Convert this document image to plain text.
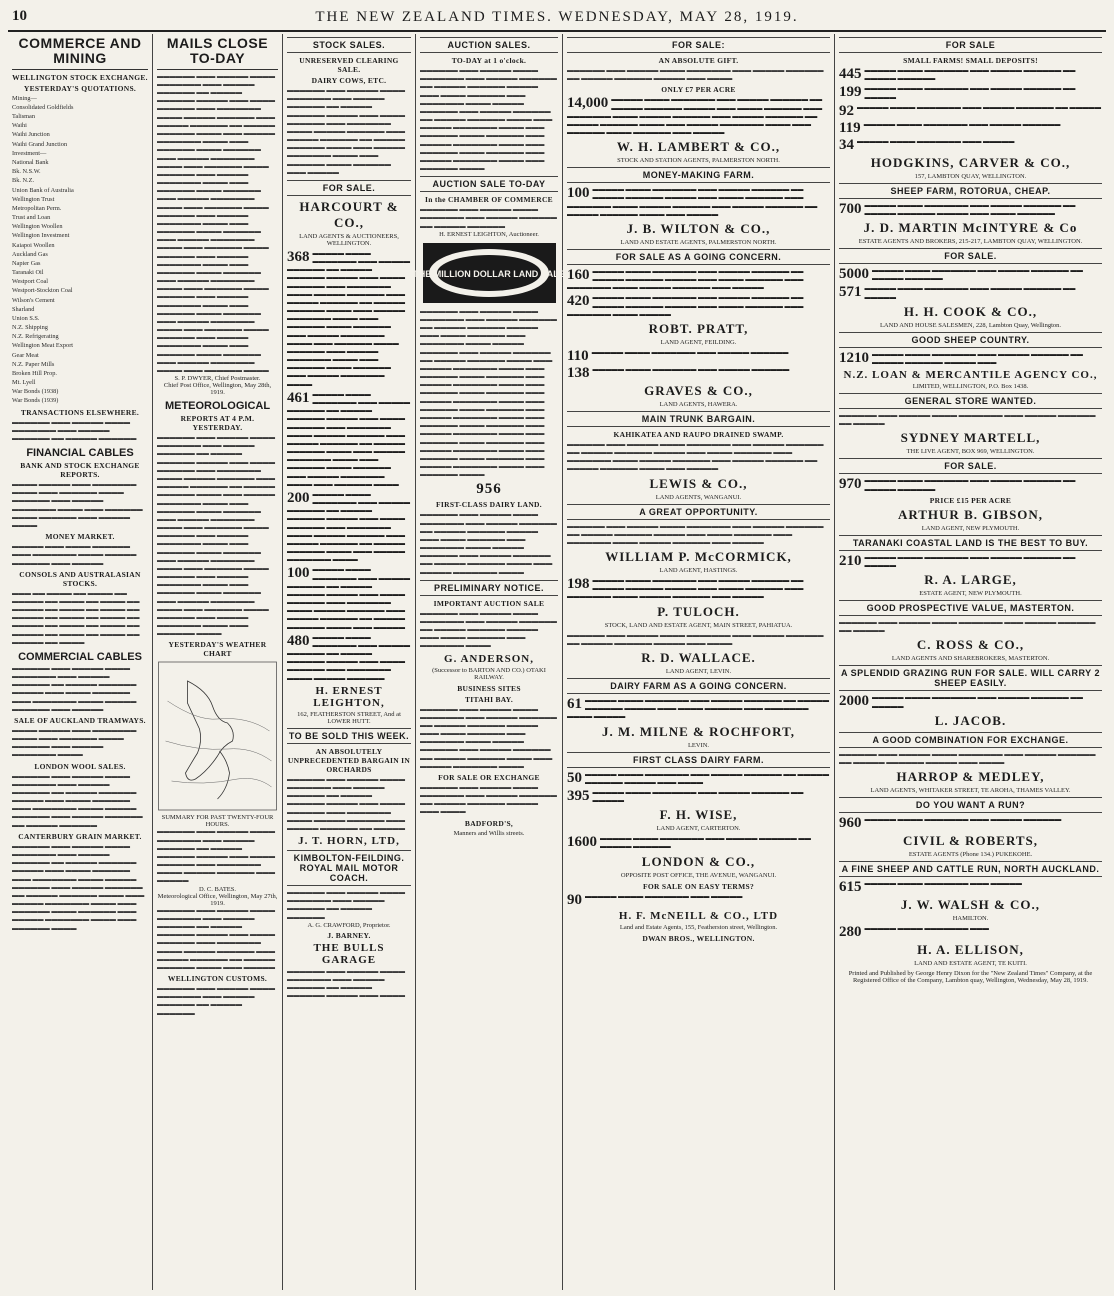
10	THE NEW ZEALAND TIMES. WEDNESDAY, MAY 28, 1919.
COMMERCE AND MINING
WELLINGTON STOCK EXCHANGE.
YESTERDAY'S QUOTATIONS.
Mining—
Consolidated Goldfields
Talisman
Waihi
Waihi Junction
Waihi Grand Junction
Investment—
National Bank
Bk. N.S.W.
Bk. N.Z.
Union Bank of Australia
Wellington Trust
Metropolitan Perm.
Trust and Loan
Wellington Woollen
Wellington Investment
Kaiapoi Woollen
Auckland Gas
Napier Gas
Taranaki Oil
Westport Coal
Westport-Stockton Coal
Wilson's Cement
Sharland
Union S.S.
N.Z. Shipping
N.Z. Refrigerating
Wellington Meat Export
Gear Meat
N.Z. Paper Mills
Broken Hill Prop.
Mt. Lyell
War Bonds (1938)
War Bonds (1939)
TRANSACTIONS ELSEWHERE.
▬▬▬▬▬▬ ▬▬▬ ▬▬▬▬▬ ▬▬▬▬ ▬▬▬▬▬▬▬ ▬▬▬ ▬▬▬▬▬ ▬▬▬▬▬▬ ▬▬ ▬▬▬▬▬ ▬▬▬▬▬▬
FINANCIAL CABLES
BANK AND STOCK EXCHANGE REPORTS.
▬▬▬▬ ▬▬▬▬▬ ▬▬▬ ▬▬▬▬▬▬▬ ▬▬▬▬ ▬▬▬ ▬▬▬▬▬▬ ▬▬▬▬ ▬▬▬▬▬▬ ▬▬▬ ▬▬▬▬▬ ▬▬▬▬▬▬▬ ▬▬▬▬ ▬▬▬ ▬▬▬▬▬▬ ▬▬▬▬ ▬▬▬▬▬▬ ▬▬▬ ▬▬▬▬▬ ▬▬▬▬
MONEY MARKET.
▬▬▬▬▬ ▬▬▬ ▬▬▬▬ ▬▬▬▬▬▬ ▬▬▬ ▬▬▬▬▬▬▬ ▬▬▬▬ ▬▬▬▬▬ ▬▬▬▬▬▬ ▬▬▬ ▬▬▬▬▬
CONSOLS AND AUSTRALASIAN STOCKS.
▬▬▬ ▬▬ ▬▬▬▬ ▬▬ ▬▬▬▬ ▬▬ ▬▬▬▬▬ ▬▬ ▬▬▬▬ ▬▬ ▬▬▬▬ ▬▬ ▬▬▬▬▬ ▬▬ ▬▬▬▬ ▬▬ ▬▬▬▬ ▬▬ ▬▬▬▬▬ ▬▬ ▬▬▬▬ ▬▬ ▬▬▬▬ ▬▬ ▬▬▬▬▬ ▬▬ ▬▬▬▬ ▬▬ ▬▬▬▬ ▬▬ ▬▬▬▬▬ ▬▬ ▬▬▬▬ ▬▬ ▬▬▬▬ ▬▬ ▬▬▬▬▬ ▬▬ ▬▬▬▬
COMMERCIAL CABLES
▬▬▬▬▬▬ ▬▬▬ ▬▬▬▬▬ ▬▬▬▬ ▬▬▬▬▬▬▬ ▬▬▬ ▬▬▬▬▬ ▬▬▬▬▬▬ ▬▬ ▬▬▬▬▬ ▬▬▬▬▬▬ ▬▬▬▬▬ ▬▬▬ ▬▬▬▬ ▬▬▬▬▬▬ ▬▬▬ ▬▬▬▬▬▬▬ ▬▬▬▬ ▬▬▬▬▬ ▬▬▬▬▬▬ ▬▬▬ ▬▬▬▬▬
SALE OF AUCKLAND TRAMWAYS.
▬▬▬▬ ▬▬▬▬▬ ▬▬▬ ▬▬▬▬▬▬▬ ▬▬▬▬ ▬▬▬ ▬▬▬▬▬▬ ▬▬▬▬ ▬▬▬▬▬▬ ▬▬▬ ▬▬▬▬▬ ▬▬▬▬▬▬▬ ▬▬▬▬
LONDON WOOL SALES.
▬▬▬▬▬▬ ▬▬▬ ▬▬▬▬▬ ▬▬▬▬ ▬▬▬▬▬▬▬ ▬▬▬ ▬▬▬▬▬ ▬▬▬▬▬▬ ▬▬ ▬▬▬▬▬ ▬▬▬▬▬▬ ▬▬▬▬▬ ▬▬▬ ▬▬▬▬ ▬▬▬▬▬▬ ▬▬▬ ▬▬▬▬▬▬▬ ▬▬▬▬ ▬▬▬▬▬ ▬▬▬▬▬▬ ▬▬▬ ▬▬▬▬▬ ▬▬▬▬▬▬ ▬▬ ▬▬▬▬▬ ▬▬▬▬▬▬
CANTERBURY GRAIN MARKET.
▬▬▬▬▬▬ ▬▬▬ ▬▬▬▬▬ ▬▬▬▬ ▬▬▬▬▬▬▬ ▬▬▬ ▬▬▬▬▬ ▬▬▬▬▬▬ ▬▬ ▬▬▬▬▬ ▬▬▬▬▬▬ ▬▬▬▬▬ ▬▬▬ ▬▬▬▬ ▬▬▬▬▬▬ ▬▬▬ ▬▬▬▬▬▬▬ ▬▬▬▬ ▬▬▬▬▬ ▬▬▬▬▬▬ ▬▬▬ ▬▬▬▬▬ ▬▬▬▬▬▬ ▬▬ ▬▬▬▬▬ ▬▬▬▬▬▬ ▬▬▬▬ ▬▬▬ ▬▬▬▬▬ ▬▬▬▬▬▬▬ ▬▬▬▬ ▬▬▬ ▬▬▬▬▬▬ ▬▬▬▬ ▬▬▬▬▬▬ ▬▬▬ ▬▬▬▬▬ ▬▬▬▬▬▬▬ ▬▬▬▬ ▬▬▬ ▬▬▬▬▬▬ ▬▬▬▬
MAILS CLOSE TO-DAY
▬▬▬▬▬▬ ▬▬▬ ▬▬▬▬▬ ▬▬▬▬ ▬▬▬▬▬▬▬ ▬▬▬ ▬▬▬▬▬ ▬▬▬▬▬▬ ▬▬ ▬▬▬▬▬ ▬▬▬▬▬▬ ▬▬▬▬▬ ▬▬▬ ▬▬▬▬ ▬▬▬▬▬▬ ▬▬▬ ▬▬▬▬▬▬▬ ▬▬▬▬ ▬▬▬▬▬ ▬▬▬▬▬▬ ▬▬▬ ▬▬▬▬▬ ▬▬▬▬▬▬ ▬▬ ▬▬▬▬▬ ▬▬▬▬▬▬ ▬▬▬▬ ▬▬▬ ▬▬▬▬▬ ▬▬▬▬▬▬▬ ▬▬▬▬ ▬▬▬ ▬▬▬▬▬▬ ▬▬▬▬ ▬▬▬▬▬▬ ▬▬▬ ▬▬▬▬▬ ▬▬▬▬▬▬▬ ▬▬▬▬ ▬▬▬ ▬▬▬▬▬▬ ▬▬▬▬ ▬▬▬▬▬▬ ▬▬▬ ▬▬▬▬▬ ▬▬▬▬▬▬▬ ▬▬▬▬ ▬▬▬ ▬▬▬▬▬▬ ▬▬▬▬ ▬▬▬▬▬▬ ▬▬▬ ▬▬▬▬▬ ▬▬▬▬▬▬▬ ▬▬▬▬ ▬▬▬ ▬▬▬▬▬▬ ▬▬▬▬ ▬▬▬▬▬▬ ▬▬▬ ▬▬▬▬▬ ▬▬▬▬▬▬▬ ▬▬▬▬ ▬▬▬ ▬▬▬▬▬▬ ▬▬▬▬ ▬▬▬▬▬▬ ▬▬▬ ▬▬▬▬▬ ▬▬▬▬▬▬▬ ▬▬▬▬ ▬▬▬ ▬▬▬▬▬▬ ▬▬▬▬ ▬▬▬▬▬▬ ▬▬▬ ▬▬▬▬▬ ▬▬▬▬▬▬▬ ▬▬▬▬ ▬▬▬ ▬▬▬▬▬▬ ▬▬▬▬ ▬▬▬▬▬▬ ▬▬▬ ▬▬▬▬▬ ▬▬▬▬▬▬▬ ▬▬▬▬ ▬▬▬ ▬▬▬▬▬▬ ▬▬▬▬ ▬▬▬▬▬▬ ▬▬▬ ▬▬▬▬▬ ▬▬▬▬▬▬▬ ▬▬▬▬ ▬▬▬ ▬▬▬▬▬▬ ▬▬▬▬ ▬▬▬▬▬▬ ▬▬▬ ▬▬▬▬▬ ▬▬▬▬▬▬▬ ▬▬▬▬ ▬▬▬ ▬▬▬▬▬▬ ▬▬▬▬ ▬▬▬▬▬▬ ▬▬▬ ▬▬▬▬▬ ▬▬▬▬▬▬▬ ▬▬▬▬ ▬▬▬ ▬▬▬▬▬▬ ▬▬▬▬ ▬▬▬▬▬▬ ▬▬▬ ▬▬▬▬▬ ▬▬▬▬▬▬▬ ▬▬▬▬ ▬▬▬ ▬▬▬▬▬▬ ▬▬▬▬
S. P. DWYER, Chief Postmaster.
Chief Post Office, Wellington, May 28th, 1919.
METEOROLOGICAL
REPORTS AT 4 P.M. YESTERDAY.
▬▬▬▬▬▬ ▬▬▬ ▬▬▬▬▬ ▬▬▬▬ ▬▬▬▬▬▬▬ ▬▬▬ ▬▬▬▬▬ ▬▬▬▬▬▬ ▬▬ ▬▬▬▬▬ ▬▬▬▬▬▬ ▬▬▬▬▬ ▬▬▬ ▬▬▬▬ ▬▬▬▬▬▬ ▬▬▬ ▬▬▬▬▬▬▬ ▬▬▬▬ ▬▬▬▬▬ ▬▬▬▬▬▬ ▬▬▬ ▬▬▬▬▬ ▬▬▬▬▬▬ ▬▬ ▬▬▬▬▬ ▬▬▬▬▬▬ ▬▬▬▬ ▬▬▬ ▬▬▬▬▬ ▬▬▬▬▬▬▬ ▬▬▬▬ ▬▬▬ ▬▬▬▬▬▬ ▬▬▬▬ ▬▬▬▬▬▬ ▬▬▬ ▬▬▬▬▬ ▬▬▬▬▬▬▬ ▬▬▬▬ ▬▬▬ ▬▬▬▬▬▬ ▬▬▬▬ ▬▬▬▬▬▬ ▬▬▬ ▬▬▬▬▬ ▬▬▬▬▬▬▬ ▬▬▬▬ ▬▬▬ ▬▬▬▬▬▬ ▬▬▬▬ ▬▬▬▬▬▬ ▬▬▬ ▬▬▬▬▬ ▬▬▬▬▬▬▬ ▬▬▬▬ ▬▬▬ ▬▬▬▬▬▬ ▬▬▬▬ ▬▬▬▬▬▬ ▬▬▬ ▬▬▬▬▬ ▬▬▬▬▬▬▬ ▬▬▬▬ ▬▬▬ ▬▬▬▬▬▬ ▬▬▬▬ ▬▬▬▬▬▬ ▬▬▬ ▬▬▬▬▬ ▬▬▬▬▬▬▬ ▬▬▬▬ ▬▬▬ ▬▬▬▬▬▬ ▬▬▬▬ ▬▬▬▬▬▬ ▬▬▬ ▬▬▬▬▬ ▬▬▬▬▬▬▬ ▬▬▬▬ ▬▬▬ ▬▬▬▬▬▬ ▬▬▬▬
YESTERDAY'S WEATHER CHART
SUMMARY FOR PAST TWENTY-FOUR HOURS.
▬▬▬▬▬▬ ▬▬▬ ▬▬▬▬▬ ▬▬▬▬ ▬▬▬▬▬▬▬ ▬▬▬ ▬▬▬▬▬ ▬▬▬▬▬▬ ▬▬ ▬▬▬▬▬ ▬▬▬▬▬▬ ▬▬▬▬▬ ▬▬▬ ▬▬▬▬ ▬▬▬▬▬▬ ▬▬▬ ▬▬▬▬▬▬▬ ▬▬▬▬ ▬▬▬▬▬ ▬▬▬▬▬▬ ▬▬▬ ▬▬▬▬▬
D. C. BATES.
Meteorological Office, Wellington, May 27th, 1919.
▬▬▬▬▬▬ ▬▬▬ ▬▬▬▬▬ ▬▬▬▬ ▬▬▬▬▬▬▬ ▬▬▬ ▬▬▬▬▬ ▬▬▬▬▬▬ ▬▬ ▬▬▬▬▬ ▬▬▬▬▬▬ ▬▬▬▬▬ ▬▬▬ ▬▬▬▬ ▬▬▬▬▬▬ ▬▬▬ ▬▬▬▬▬▬▬ ▬▬▬▬ ▬▬▬▬▬ ▬▬▬▬▬▬ ▬▬▬ ▬▬▬▬▬ ▬▬▬▬▬▬ ▬▬ ▬▬▬▬▬ ▬▬▬▬▬▬ ▬▬▬▬ ▬▬▬ ▬▬▬▬▬
WELLINGTON CUSTOMS.
▬▬▬▬▬▬ ▬▬▬ ▬▬▬▬▬ ▬▬▬▬ ▬▬▬▬▬▬▬ ▬▬▬ ▬▬▬▬▬ ▬▬▬▬▬▬ ▬▬ ▬▬▬▬▬ ▬▬▬▬▬▬
STOCK SALES.
UNRESERVED CLEARING SALE.
DAIRY COWS, ETC.
▬▬▬▬▬▬ ▬▬▬ ▬▬▬▬▬ ▬▬▬▬ ▬▬▬▬▬▬▬ ▬▬▬ ▬▬▬▬▬ ▬▬▬▬▬▬ ▬▬ ▬▬▬▬▬ ▬▬▬▬▬▬ ▬▬▬▬▬ ▬▬▬ ▬▬▬▬ ▬▬▬▬▬▬ ▬▬▬ ▬▬▬▬▬▬▬ ▬▬▬▬ ▬▬▬▬▬ ▬▬▬▬▬▬ ▬▬▬ ▬▬▬▬▬ ▬▬▬▬▬▬ ▬▬ ▬▬▬▬▬ ▬▬▬▬▬▬ ▬▬▬▬ ▬▬▬ ▬▬▬▬▬ ▬▬▬▬▬▬▬ ▬▬▬▬ ▬▬▬ ▬▬▬▬▬▬ ▬▬▬▬ ▬▬▬▬▬▬ ▬▬▬ ▬▬▬▬▬
FOR SALE.
HARCOURT & CO.,
LAND AGENTS & AUCTIONEERS, WELLINGTON.
368 ▬▬▬▬▬ ▬▬▬▬ ▬▬▬▬▬▬▬ ▬▬▬ ▬▬▬▬▬ ▬▬▬▬▬▬ ▬▬ ▬▬▬▬▬ ▬▬▬▬▬▬ ▬▬▬▬▬ ▬▬▬ ▬▬▬▬ ▬▬▬▬▬▬ ▬▬▬ ▬▬▬▬▬▬▬ ▬▬▬▬ ▬▬▬▬▬ ▬▬▬▬▬▬ ▬▬▬ ▬▬▬▬▬ ▬▬▬▬▬▬ ▬▬ ▬▬▬▬▬ ▬▬▬▬▬▬ ▬▬▬▬ ▬▬▬ ▬▬▬▬▬ ▬▬▬▬▬▬▬ ▬▬▬▬ ▬▬▬ ▬▬▬▬▬▬ ▬▬▬▬ ▬▬▬▬▬▬ ▬▬▬ ▬▬▬▬▬ ▬▬▬▬▬▬▬ ▬▬▬▬ ▬▬▬ ▬▬▬▬▬▬ ▬▬▬▬ ▬▬▬▬▬▬ ▬▬▬ ▬▬▬▬▬ ▬▬▬▬▬▬▬ ▬▬▬▬ ▬▬▬ ▬▬▬▬▬▬ ▬▬▬▬ ▬▬▬▬▬▬ ▬▬▬ ▬▬▬▬▬ ▬▬▬▬▬▬▬ ▬▬▬▬
461 ▬▬▬▬▬ ▬▬▬▬ ▬▬▬▬▬▬▬ ▬▬▬ ▬▬▬▬▬ ▬▬▬▬▬▬ ▬▬ ▬▬▬▬▬ ▬▬▬▬▬▬ ▬▬▬▬▬ ▬▬▬ ▬▬▬▬ ▬▬▬▬▬▬ ▬▬▬ ▬▬▬▬▬▬▬ ▬▬▬▬ ▬▬▬▬▬ ▬▬▬▬▬▬ ▬▬▬ ▬▬▬▬▬ ▬▬▬▬▬▬ ▬▬ ▬▬▬▬▬ ▬▬▬▬▬▬ ▬▬▬▬ ▬▬▬ ▬▬▬▬▬ ▬▬▬▬▬▬▬ ▬▬▬▬ ▬▬▬ ▬▬▬▬▬▬ ▬▬▬▬ ▬▬▬▬▬▬ ▬▬▬ ▬▬▬▬▬ ▬▬▬▬▬▬▬ ▬▬▬▬ ▬▬▬ ▬▬▬▬▬▬ ▬▬▬▬
200 ▬▬▬▬▬ ▬▬▬▬ ▬▬▬▬▬▬▬ ▬▬▬ ▬▬▬▬▬ ▬▬▬▬▬▬ ▬▬ ▬▬▬▬▬ ▬▬▬▬▬▬ ▬▬▬▬▬ ▬▬▬ ▬▬▬▬ ▬▬▬▬▬▬ ▬▬▬ ▬▬▬▬▬▬▬ ▬▬▬▬ ▬▬▬▬▬ ▬▬▬▬▬▬ ▬▬▬ ▬▬▬▬▬ ▬▬▬▬▬▬ ▬▬ ▬▬▬▬▬ ▬▬▬▬▬▬ ▬▬▬▬ ▬▬▬ ▬▬▬▬▬ ▬▬▬▬▬▬▬ ▬▬▬▬
100 ▬▬▬▬▬ ▬▬▬▬ ▬▬▬▬▬▬▬ ▬▬▬ ▬▬▬▬▬ ▬▬▬▬▬▬ ▬▬ ▬▬▬▬▬ ▬▬▬▬▬▬ ▬▬▬▬▬ ▬▬▬ ▬▬▬▬ ▬▬▬▬▬▬ ▬▬▬ ▬▬▬▬▬▬▬ ▬▬▬▬ ▬▬▬▬▬ ▬▬▬▬▬▬ ▬▬▬ ▬▬▬▬▬ ▬▬▬▬▬▬ ▬▬ ▬▬▬▬▬ ▬▬▬▬▬▬ ▬▬▬▬ ▬▬▬ ▬▬▬▬▬
480 ▬▬▬▬▬ ▬▬▬▬ ▬▬▬▬▬▬▬ ▬▬▬ ▬▬▬▬▬ ▬▬▬▬▬▬ ▬▬ ▬▬▬▬▬ ▬▬▬▬▬▬ ▬▬▬▬▬ ▬▬▬ ▬▬▬▬ ▬▬▬▬▬▬ ▬▬▬ ▬▬▬▬▬▬▬ ▬▬▬▬ ▬▬▬▬▬ ▬▬▬▬▬▬
H. ERNEST LEIGHTON,
162, FEATHERSTON STREET, And at LOWER HUTT.
TO BE SOLD THIS WEEK.
AN ABSOLUTELY UNPRECEDENTED BARGAIN IN ORCHARDS
▬▬▬▬▬▬ ▬▬▬ ▬▬▬▬▬ ▬▬▬▬ ▬▬▬▬▬▬▬ ▬▬▬ ▬▬▬▬▬ ▬▬▬▬▬▬ ▬▬ ▬▬▬▬▬ ▬▬▬▬▬▬ ▬▬▬▬▬ ▬▬▬ ▬▬▬▬ ▬▬▬▬▬▬ ▬▬▬ ▬▬▬▬▬▬▬ ▬▬▬▬ ▬▬▬▬▬ ▬▬▬▬▬▬ ▬▬▬ ▬▬▬▬▬ ▬▬▬▬▬▬ ▬▬ ▬▬▬▬▬
J. T. HORN, LTD,
KIMBOLTON-FEILDING. ROYAL MAIL MOTOR COACH.
▬▬▬▬▬▬ ▬▬▬ ▬▬▬▬▬ ▬▬▬▬ ▬▬▬▬▬▬▬ ▬▬▬ ▬▬▬▬▬ ▬▬▬▬▬▬ ▬▬ ▬▬▬▬▬ ▬▬▬▬▬▬
A. G. CRAWFORD, Proprietor.
J. BARNEY.
THE BULLS GARAGE
▬▬▬▬▬▬ ▬▬▬ ▬▬▬▬▬ ▬▬▬▬ ▬▬▬▬▬▬▬ ▬▬▬ ▬▬▬▬▬ ▬▬▬▬▬▬ ▬▬ ▬▬▬▬▬ ▬▬▬▬▬▬ ▬▬▬▬▬ ▬▬▬ ▬▬▬▬
AUCTION SALES.
TO-DAY at 1 o'clock.
▬▬▬▬▬▬ ▬▬▬ ▬▬▬▬▬ ▬▬▬▬ ▬▬▬▬▬▬▬ ▬▬▬ ▬▬▬▬▬ ▬▬▬▬▬▬ ▬▬ ▬▬▬▬▬ ▬▬▬▬▬▬ ▬▬▬▬▬ ▬▬▬ ▬▬▬▬ ▬▬▬▬▬▬ ▬▬▬ ▬▬▬▬▬▬▬ ▬▬▬▬ ▬▬▬▬▬ ▬▬▬▬▬▬ ▬▬▬ ▬▬▬▬▬ ▬▬▬▬▬▬ ▬▬ ▬▬▬▬▬ ▬▬▬▬▬▬ ▬▬▬▬ ▬▬▬ ▬▬▬▬▬ ▬▬▬▬▬▬▬ ▬▬▬▬ ▬▬▬ ▬▬▬▬▬▬ ▬▬▬▬ ▬▬▬▬▬▬ ▬▬▬ ▬▬▬▬▬ ▬▬▬▬▬▬▬ ▬▬▬▬ ▬▬▬ ▬▬▬▬▬▬ ▬▬▬▬ ▬▬▬▬▬▬ ▬▬▬ ▬▬▬▬▬ ▬▬▬▬▬▬▬ ▬▬▬▬ ▬▬▬ ▬▬▬▬▬▬ ▬▬▬▬
AUCTION SALE TO-DAY
In the CHAMBER OF COMMERCE
▬▬▬▬▬▬ ▬▬▬ ▬▬▬▬▬ ▬▬▬▬ ▬▬▬▬▬▬▬ ▬▬▬ ▬▬▬▬▬ ▬▬▬▬▬▬ ▬▬ ▬▬▬▬▬ ▬▬▬▬▬▬
H. ERNEST LEIGHTON, Auctioneer.
THE MILLION DOLLAR LAND SALE
▬▬▬▬▬▬ ▬▬▬ ▬▬▬▬▬ ▬▬▬▬ ▬▬▬▬▬▬▬ ▬▬▬ ▬▬▬▬▬ ▬▬▬▬▬▬ ▬▬ ▬▬▬▬▬ ▬▬▬▬▬▬ ▬▬▬▬▬ ▬▬▬ ▬▬▬▬ ▬▬▬▬▬▬ ▬▬▬ ▬▬▬▬▬▬▬ ▬▬▬▬ ▬▬▬▬▬ ▬▬▬▬▬▬ ▬▬▬ ▬▬▬▬▬ ▬▬▬▬▬▬ ▬▬ ▬▬▬▬▬ ▬▬▬▬▬▬ ▬▬▬▬ ▬▬▬ ▬▬▬▬▬ ▬▬▬▬▬▬▬ ▬▬▬▬ ▬▬▬ ▬▬▬▬▬▬ ▬▬▬▬ ▬▬▬▬▬▬ ▬▬▬ ▬▬▬▬▬ ▬▬▬▬▬▬▬ ▬▬▬▬ ▬▬▬ ▬▬▬▬▬▬ ▬▬▬▬ ▬▬▬▬▬▬ ▬▬▬ ▬▬▬▬▬ ▬▬▬▬▬▬▬ ▬▬▬▬ ▬▬▬ ▬▬▬▬▬▬ ▬▬▬▬ ▬▬▬▬▬▬ ▬▬▬ ▬▬▬▬▬ ▬▬▬▬▬▬▬ ▬▬▬▬ ▬▬▬ ▬▬▬▬▬▬ ▬▬▬▬ ▬▬▬▬▬▬ ▬▬▬ ▬▬▬▬▬ ▬▬▬▬▬▬▬ ▬▬▬▬ ▬▬▬ ▬▬▬▬▬▬ ▬▬▬▬ ▬▬▬▬▬▬ ▬▬▬ ▬▬▬▬▬ ▬▬▬▬▬▬▬ ▬▬▬▬ ▬▬▬ ▬▬▬▬▬▬ ▬▬▬▬ ▬▬▬▬▬▬ ▬▬▬ ▬▬▬▬▬ ▬▬▬▬▬▬▬ ▬▬▬▬ ▬▬▬ ▬▬▬▬▬▬ ▬▬▬▬
956
FIRST-CLASS DAIRY LAND.
▬▬▬▬▬▬ ▬▬▬ ▬▬▬▬▬ ▬▬▬▬ ▬▬▬▬▬▬▬ ▬▬▬ ▬▬▬▬▬ ▬▬▬▬▬▬ ▬▬ ▬▬▬▬▬ ▬▬▬▬▬▬ ▬▬▬▬▬ ▬▬▬ ▬▬▬▬ ▬▬▬▬▬▬ ▬▬▬ ▬▬▬▬▬▬▬ ▬▬▬▬ ▬▬▬▬▬ ▬▬▬▬▬▬ ▬▬▬ ▬▬▬▬▬ ▬▬▬▬▬▬ ▬▬ ▬▬▬▬▬ ▬▬▬▬▬▬ ▬▬▬▬ ▬▬▬ ▬▬▬▬▬ ▬▬▬▬▬▬▬ ▬▬▬▬
PRELIMINARY NOTICE.
IMPORTANT AUCTION SALE
▬▬▬▬▬▬ ▬▬▬ ▬▬▬▬▬ ▬▬▬▬ ▬▬▬▬▬▬▬ ▬▬▬ ▬▬▬▬▬ ▬▬▬▬▬▬ ▬▬ ▬▬▬▬▬ ▬▬▬▬▬▬ ▬▬▬▬▬ ▬▬▬ ▬▬▬▬ ▬▬▬▬▬▬ ▬▬▬ ▬▬▬▬▬▬▬ ▬▬▬▬
G. ANDERSON,
(Successor to BARTON AND CO.) OTAKI RAILWAY.
BUSINESS SITES
TITAHI BAY.
▬▬▬▬▬▬ ▬▬▬ ▬▬▬▬▬ ▬▬▬▬ ▬▬▬▬▬▬▬ ▬▬▬ ▬▬▬▬▬ ▬▬▬▬▬▬ ▬▬ ▬▬▬▬▬ ▬▬▬▬▬▬ ▬▬▬▬▬ ▬▬▬ ▬▬▬▬ ▬▬▬▬▬▬ ▬▬▬ ▬▬▬▬▬▬▬ ▬▬▬▬ ▬▬▬▬▬ ▬▬▬▬▬▬ ▬▬▬ ▬▬▬▬▬ ▬▬▬▬▬▬ ▬▬ ▬▬▬▬▬ ▬▬▬▬▬▬ ▬▬▬▬ ▬▬▬ ▬▬▬▬▬ ▬▬▬▬▬▬▬ ▬▬▬▬
FOR SALE OR EXCHANGE
▬▬▬▬▬▬ ▬▬▬ ▬▬▬▬▬ ▬▬▬▬ ▬▬▬▬▬▬▬ ▬▬▬ ▬▬▬▬▬ ▬▬▬▬▬▬ ▬▬ ▬▬▬▬▬ ▬▬▬▬▬▬ ▬▬▬▬▬ ▬▬▬ ▬▬▬▬
BADFORD'S,
Manners and Willis streets.
FOR SALE:
AN ABSOLUTE GIFT.
▬▬▬▬▬▬ ▬▬▬ ▬▬▬▬▬ ▬▬▬▬ ▬▬▬▬▬▬▬ ▬▬▬ ▬▬▬▬▬ ▬▬▬▬▬▬ ▬▬ ▬▬▬▬▬ ▬▬▬▬▬▬ ▬▬▬▬▬ ▬▬▬ ▬▬▬▬
ONLY £7 PER ACRE
14,000 ▬▬▬▬▬ ▬▬▬▬ ▬▬▬▬▬▬▬ ▬▬▬ ▬▬▬▬▬ ▬▬▬▬▬▬ ▬▬ ▬▬▬▬▬ ▬▬▬▬▬▬ ▬▬▬▬▬ ▬▬▬ ▬▬▬▬ ▬▬▬▬▬▬ ▬▬▬ ▬▬▬▬▬▬▬ ▬▬▬▬ ▬▬▬▬▬ ▬▬▬▬▬▬ ▬▬▬ ▬▬▬▬▬ ▬▬▬▬▬▬ ▬▬ ▬▬▬▬▬ ▬▬▬▬▬▬ ▬▬▬▬ ▬▬▬ ▬▬▬▬▬ ▬▬▬▬▬▬▬ ▬▬▬▬ ▬▬▬ ▬▬▬▬▬▬ ▬▬▬▬ ▬▬▬▬▬▬ ▬▬▬ ▬▬▬▬▬
W. H. LAMBERT & CO.,
STOCK AND STATION AGENTS, PALMERSTON NORTH.
MONEY-MAKING FARM.
100 ▬▬▬▬▬ ▬▬▬▬ ▬▬▬▬▬▬▬ ▬▬▬ ▬▬▬▬▬ ▬▬▬▬▬▬ ▬▬ ▬▬▬▬▬ ▬▬▬▬▬▬ ▬▬▬▬▬ ▬▬▬ ▬▬▬▬ ▬▬▬▬▬▬ ▬▬▬ ▬▬▬▬▬▬▬ ▬▬▬▬ ▬▬▬▬▬ ▬▬▬▬▬▬ ▬▬▬ ▬▬▬▬▬ ▬▬▬▬▬▬ ▬▬ ▬▬▬▬▬ ▬▬▬▬▬▬ ▬▬▬▬ ▬▬▬ ▬▬▬▬▬
J. B. WILTON & CO.,
LAND AND ESTATE AGENTS, PALMERSTON NORTH.
FOR SALE AS A GOING CONCERN.
160 ▬▬▬▬▬ ▬▬▬▬ ▬▬▬▬▬▬▬ ▬▬▬ ▬▬▬▬▬ ▬▬▬▬▬▬ ▬▬ ▬▬▬▬▬ ▬▬▬▬▬▬ ▬▬▬▬▬ ▬▬▬ ▬▬▬▬ ▬▬▬▬▬▬ ▬▬▬ ▬▬▬▬▬▬▬ ▬▬▬▬ ▬▬▬▬▬ ▬▬▬▬▬▬ ▬▬▬ ▬▬▬▬▬
420 ▬▬▬▬▬ ▬▬▬▬ ▬▬▬▬▬▬▬ ▬▬▬ ▬▬▬▬▬ ▬▬▬▬▬▬ ▬▬ ▬▬▬▬▬ ▬▬▬▬▬▬ ▬▬▬▬▬ ▬▬▬ ▬▬▬▬ ▬▬▬▬▬▬ ▬▬▬ ▬▬▬▬▬▬▬ ▬▬▬▬ ▬▬▬▬▬
ROBT. PRATT,
LAND AGENT, FEILDING.
110 ▬▬▬▬▬ ▬▬▬▬ ▬▬▬▬▬▬▬ ▬▬▬ ▬▬▬▬▬ ▬▬▬▬▬▬
138 ▬▬▬▬▬ ▬▬▬▬ ▬▬▬▬▬▬▬ ▬▬▬ ▬▬▬▬▬ ▬▬▬▬▬▬
GRAVES & CO.,
LAND AGENTS, HAWERA.
MAIN TRUNK BARGAIN.
KAHIKATEA AND RAUPO DRAINED SWAMP.
▬▬▬▬▬▬ ▬▬▬ ▬▬▬▬▬ ▬▬▬▬ ▬▬▬▬▬▬▬ ▬▬▬ ▬▬▬▬▬ ▬▬▬▬▬▬ ▬▬ ▬▬▬▬▬ ▬▬▬▬▬▬ ▬▬▬▬▬ ▬▬▬ ▬▬▬▬ ▬▬▬▬▬▬ ▬▬▬ ▬▬▬▬▬▬▬ ▬▬▬▬ ▬▬▬▬▬ ▬▬▬▬▬▬ ▬▬▬ ▬▬▬▬▬ ▬▬▬▬▬▬ ▬▬ ▬▬▬▬▬ ▬▬▬▬▬▬ ▬▬▬▬ ▬▬▬ ▬▬▬▬▬
LEWIS & CO.,
LAND AGENTS, WANGANUI.
A GREAT OPPORTUNITY.
▬▬▬▬▬▬ ▬▬▬ ▬▬▬▬▬ ▬▬▬▬ ▬▬▬▬▬▬▬ ▬▬▬ ▬▬▬▬▬ ▬▬▬▬▬▬ ▬▬ ▬▬▬▬▬ ▬▬▬▬▬▬ ▬▬▬▬▬ ▬▬▬ ▬▬▬▬ ▬▬▬▬▬▬ ▬▬▬ ▬▬▬▬▬▬▬ ▬▬▬▬ ▬▬▬▬▬ ▬▬▬▬▬▬ ▬▬▬ ▬▬▬▬▬
WILLIAM P. McCORMICK,
LAND AGENT, HASTINGS.
198 ▬▬▬▬▬ ▬▬▬▬ ▬▬▬▬▬▬▬ ▬▬▬ ▬▬▬▬▬ ▬▬▬▬▬▬ ▬▬ ▬▬▬▬▬ ▬▬▬▬▬▬ ▬▬▬▬▬ ▬▬▬ ▬▬▬▬ ▬▬▬▬▬▬ ▬▬▬ ▬▬▬▬▬▬▬ ▬▬▬▬ ▬▬▬▬▬ ▬▬▬▬▬▬ ▬▬▬ ▬▬▬▬▬
P. TULOCH.
STOCK, LAND AND ESTATE AGENT, MAIN STREET, PAHIATUA.
▬▬▬▬▬▬ ▬▬▬ ▬▬▬▬▬ ▬▬▬▬ ▬▬▬▬▬▬▬ ▬▬▬ ▬▬▬▬▬ ▬▬▬▬▬▬ ▬▬ ▬▬▬▬▬ ▬▬▬▬▬▬ ▬▬▬▬▬ ▬▬▬ ▬▬▬▬
R. D. WALLACE.
LAND AGENT, LEVIN.
DAIRY FARM AS A GOING CONCERN.
61 ▬▬▬▬▬ ▬▬▬▬ ▬▬▬▬▬▬▬ ▬▬▬ ▬▬▬▬▬ ▬▬▬▬▬▬ ▬▬ ▬▬▬▬▬ ▬▬▬▬▬▬ ▬▬▬▬▬ ▬▬▬ ▬▬▬▬ ▬▬▬▬▬▬ ▬▬▬ ▬▬▬▬▬▬▬ ▬▬▬▬ ▬▬▬▬▬
J. M. MILNE & ROCHFORT,
LEVIN.
FIRST CLASS DAIRY FARM.
50 ▬▬▬▬▬ ▬▬▬▬ ▬▬▬▬▬▬▬ ▬▬▬ ▬▬▬▬▬ ▬▬▬▬▬▬ ▬▬ ▬▬▬▬▬ ▬▬▬▬▬▬ ▬▬▬▬▬ ▬▬▬ ▬▬▬▬
395 ▬▬▬▬▬ ▬▬▬▬ ▬▬▬▬▬▬▬ ▬▬▬ ▬▬▬▬▬ ▬▬▬▬▬▬ ▬▬ ▬▬▬▬▬
F. H. WISE,
LAND AGENT, CARTERTON.
1600 ▬▬▬▬▬ ▬▬▬▬ ▬▬▬▬▬▬▬ ▬▬▬ ▬▬▬▬▬ ▬▬▬▬▬▬ ▬▬ ▬▬▬▬▬ ▬▬▬▬▬▬
LONDON & CO.,
OPPOSITE POST OFFICE, THE AVENUE, WANGANUI.
FOR SALE ON EASY TERMS?
90 ▬▬▬▬▬ ▬▬▬▬ ▬▬▬▬▬▬▬ ▬▬▬ ▬▬▬▬▬
H. F. McNEILL & CO., LTD
Land and Estate Agents, 155, Featherston street, Wellington.
DWAN BROS., WELLINGTON.
FOR SALE
SMALL FARMS! SMALL DEPOSITS!
445 ▬▬▬▬▬ ▬▬▬▬ ▬▬▬▬▬▬▬ ▬▬▬ ▬▬▬▬▬ ▬▬▬▬▬▬ ▬▬ ▬▬▬▬▬ ▬▬▬▬▬▬
199 ▬▬▬▬▬ ▬▬▬▬ ▬▬▬▬▬▬▬ ▬▬▬ ▬▬▬▬▬ ▬▬▬▬▬▬ ▬▬ ▬▬▬▬▬
92 ▬▬▬▬▬ ▬▬▬▬ ▬▬▬▬▬▬▬ ▬▬▬ ▬▬▬▬▬ ▬▬▬▬▬▬ ▬▬ ▬▬▬▬▬
119 ▬▬▬▬▬ ▬▬▬▬ ▬▬▬▬▬▬▬ ▬▬▬ ▬▬▬▬▬ ▬▬▬▬▬▬
34 ▬▬▬▬▬ ▬▬▬▬ ▬▬▬▬▬▬▬ ▬▬▬ ▬▬▬▬▬
HODGKINS, CARVER & CO.,
157, LAMBTON QUAY, WELLINGTON.
SHEEP FARM, ROTORUA, CHEAP.
700 ▬▬▬▬▬ ▬▬▬▬ ▬▬▬▬▬▬▬ ▬▬▬ ▬▬▬▬▬ ▬▬▬▬▬▬ ▬▬ ▬▬▬▬▬ ▬▬▬▬▬▬ ▬▬▬▬▬ ▬▬▬ ▬▬▬▬ ▬▬▬▬▬▬
J. D. MARTIN McINTYRE & Co
ESTATE AGENTS AND BROKERS, 215-217, LAMBTON QUAY, WELLINGTON.
FOR SALE.
5000 ▬▬▬▬▬ ▬▬▬▬ ▬▬▬▬▬▬▬ ▬▬▬ ▬▬▬▬▬ ▬▬▬▬▬▬ ▬▬ ▬▬▬▬▬ ▬▬▬▬▬▬
571 ▬▬▬▬▬ ▬▬▬▬ ▬▬▬▬▬▬▬ ▬▬▬ ▬▬▬▬▬ ▬▬▬▬▬▬ ▬▬ ▬▬▬▬▬
H. H. COOK & CO.,
LAND AND HOUSE SALESMEN, 228, Lambton Quay, Wellington.
GOOD SHEEP COUNTRY.
1210 ▬▬▬▬▬ ▬▬▬▬ ▬▬▬▬▬▬▬ ▬▬▬ ▬▬▬▬▬ ▬▬▬▬▬▬ ▬▬ ▬▬▬▬▬ ▬▬▬▬▬▬ ▬▬▬▬▬ ▬▬▬
N.Z. LOAN & MERCANTILE AGENCY CO.,
LIMITED, WELLINGTON, P.O. Box 1438.
GENERAL STORE WANTED.
▬▬▬▬▬▬ ▬▬▬ ▬▬▬▬▬ ▬▬▬▬ ▬▬▬▬▬▬▬ ▬▬▬ ▬▬▬▬▬ ▬▬▬▬▬▬ ▬▬ ▬▬▬▬▬
SYDNEY MARTELL,
THE LIVE AGENT, BOX 969, WELLINGTON.
FOR SALE.
970 ▬▬▬▬▬ ▬▬▬▬ ▬▬▬▬▬▬▬ ▬▬▬ ▬▬▬▬▬ ▬▬▬▬▬▬ ▬▬ ▬▬▬▬▬ ▬▬▬▬▬▬
PRICE £15 PER ACRE
ARTHUR B. GIBSON,
LAND AGENT, NEW PLYMOUTH.
TARANAKI COASTAL LAND IS THE BEST TO BUY.
210 ▬▬▬▬▬ ▬▬▬▬ ▬▬▬▬▬▬▬ ▬▬▬ ▬▬▬▬▬ ▬▬▬▬▬▬ ▬▬ ▬▬▬▬▬
R. A. LARGE,
ESTATE AGENT, NEW PLYMOUTH.
GOOD PROSPECTIVE VALUE, MASTERTON.
▬▬▬▬▬▬ ▬▬▬ ▬▬▬▬▬ ▬▬▬▬ ▬▬▬▬▬▬▬ ▬▬▬ ▬▬▬▬▬ ▬▬▬▬▬▬ ▬▬ ▬▬▬▬▬
C. ROSS & CO.,
LAND AGENTS AND SHAREBROKERS, MASTERTON.
A SPLENDID GRAZING RUN FOR SALE. WILL CARRY 2 SHEEP EASILY.
2000 ▬▬▬▬▬ ▬▬▬▬ ▬▬▬▬▬▬▬ ▬▬▬ ▬▬▬▬▬ ▬▬▬▬▬▬ ▬▬ ▬▬▬▬▬
L. JACOB.
A GOOD COMBINATION FOR EXCHANGE.
▬▬▬▬▬▬ ▬▬▬ ▬▬▬▬▬ ▬▬▬▬ ▬▬▬▬▬▬▬ ▬▬▬ ▬▬▬▬▬ ▬▬▬▬▬▬ ▬▬ ▬▬▬▬▬ ▬▬▬▬▬▬ ▬▬▬▬▬ ▬▬▬ ▬▬▬▬
HARROP & MEDLEY,
LAND AGENTS, WHITAKER STREET, TE AROHA, THAMES VALLEY.
DO YOU WANT A RUN?
960 ▬▬▬▬▬ ▬▬▬▬ ▬▬▬▬▬▬▬ ▬▬▬ ▬▬▬▬▬ ▬▬▬▬▬▬
CIVIL & ROBERTS,
ESTATE AGENTS (Phone 134.) PUKEKOHE.
A FINE SHEEP AND CATTLE RUN, NORTH AUCKLAND.
615 ▬▬▬▬▬ ▬▬▬▬ ▬▬▬▬▬▬▬ ▬▬▬ ▬▬▬▬▬
J. W. WALSH & CO.,
HAMILTON.
280 ▬▬▬▬▬ ▬▬▬▬ ▬▬▬▬▬▬▬ ▬▬▬
H. A. ELLISON,
LAND AND ESTATE AGENT, TE KUITI.
Printed and Published by George Henry Dixon for the "New Zealand Times" Company, at the Registered Office of the Company, Lambton quay, Wellington, Wednesday, May 28, 1919.
